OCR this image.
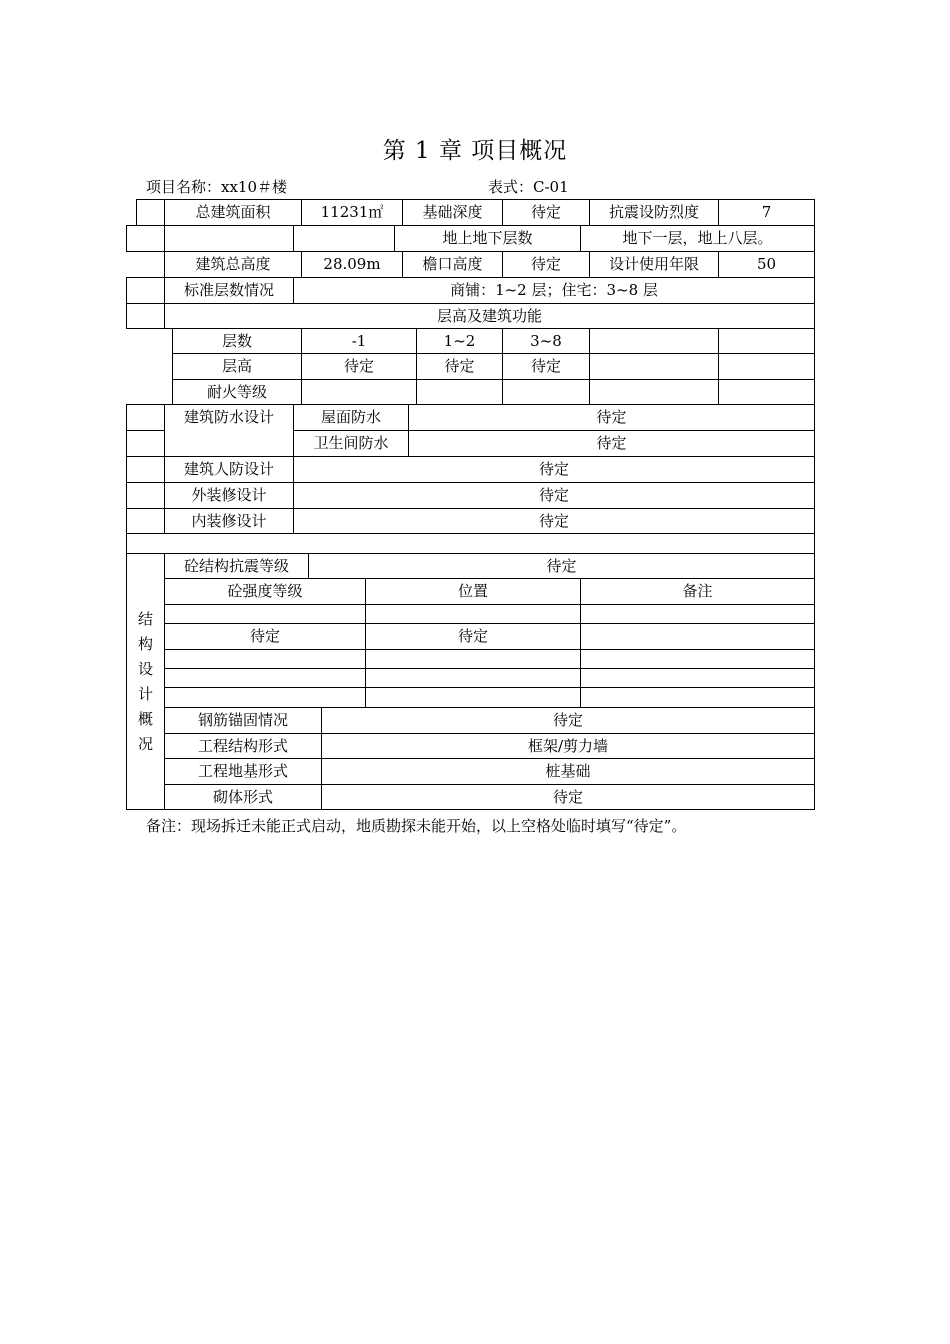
第 1 章 项目概况
项目名称：xx10＃楼	表式：C-01
总建筑面积	11231㎡	基础深度	待定	抗震设防烈度	7
地上地下层数	地下一层，地上八层。
建筑总高度	28.09m	檐口高度	待定	设计使用年限	50
标准层数情况	商铺：1~2 层；住宅：3~8 层
层高及建筑功能
层数	-1	1~2	3~8
层高	待定	待定	待定
耐火等级
建筑防水设计	屋面防水	待定
卫生间防水	待定
建筑人防设计	待定
外装修设计	待定
内装修设计	待定
结
构
设
计
概
况
砼结构抗震等级	待定
砼强度等级	位置	备注
待定	待定
钢筋锚固情况	待定
工程结构形式	框架/剪力墙
工程地基形式	桩基础
砌体形式	待定
备注：现场拆迁未能正式启动，地质勘探未能开始，以上空格处临时填写“待定”。
